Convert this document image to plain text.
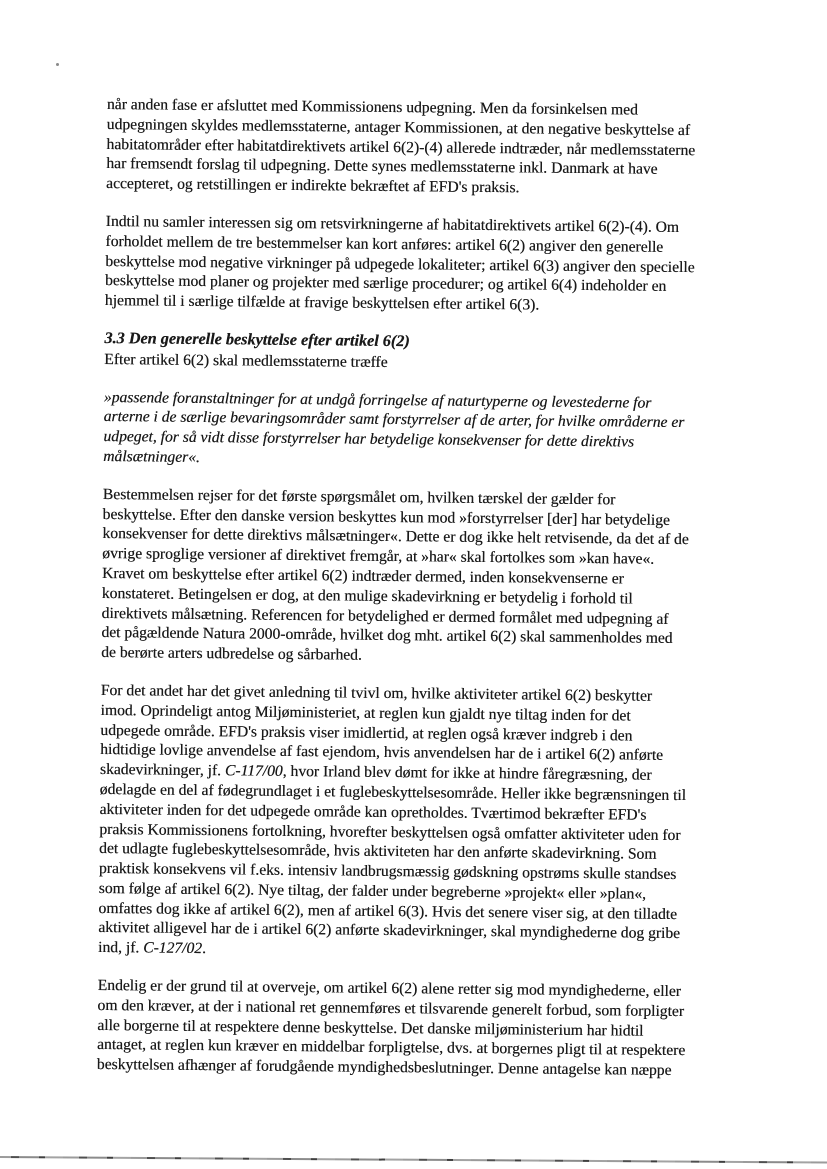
når anden fase er afsluttet med Kommissionens udpegning. Men da forsinkelsen med
udpegningen skyldes medlemsstaterne, antager Kommissionen, at den negative beskyttelse af
habitatområder efter habitatdirektivets artikel 6(2)-(4) allerede indtræder, når medlemsstaterne
har fremsendt forslag til udpegning. Dette synes medlemsstaterne inkl. Danmark at have
accepteret, og retstillingen er indirekte bekræftet af EFD's praksis.
Indtil nu samler interessen sig om retsvirkningerne af habitatdirektivets artikel 6(2)-(4). Om
forholdet mellem de tre bestemmelser kan kort anføres: artikel 6(2) angiver den generelle
beskyttelse mod negative virkninger på udpegede lokaliteter; artikel 6(3) angiver den specielle
beskyttelse mod planer og projekter med særlige procedurer; og artikel 6(4) indeholder en
hjemmel til i særlige tilfælde at fravige beskyttelsen efter artikel 6(3).
3.3 Den generelle beskyttelse efter artikel 6(2)
Efter artikel 6(2) skal medlemsstaterne træffe
»passende foranstaltninger for at undgå forringelse af naturtyperne og levestederne for
arterne i de særlige bevaringsområder samt forstyrrelser af de arter, for hvilke områderne er
udpeget, for så vidt disse forstyrrelser har betydelige konsekvenser for dette direktivs
målsætninger«.
Bestemmelsen rejser for det første spørgsmålet om, hvilken tærskel der gælder for
beskyttelse. Efter den danske version beskyttes kun mod »forstyrrelser [der] har betydelige
konsekvenser for dette direktivs målsætninger«. Dette er dog ikke helt retvisende, da det af de
øvrige sproglige versioner af direktivet fremgår, at »har« skal fortolkes som »kan have«.
Kravet om beskyttelse efter artikel 6(2) indtræder dermed, inden konsekvenserne er
konstateret. Betingelsen er dog, at den mulige skadevirkning er betydelig i forhold til
direktivets målsætning. Referencen for betydelighed er dermed formålet med udpegning af
det pågældende Natura 2000-område, hvilket dog mht. artikel 6(2) skal sammenholdes med
de berørte arters udbredelse og sårbarhed.
For det andet har det givet anledning til tvivl om, hvilke aktiviteter artikel 6(2) beskytter
imod. Oprindeligt antog Miljøministeriet, at reglen kun gjaldt nye tiltag inden for det
udpegede område. EFD's praksis viser imidlertid, at reglen også kræver indgreb i den
hidtidige lovlige anvendelse af fast ejendom, hvis anvendelsen har de i artikel 6(2) anførte
skadevirkninger, jf. C-117/00, hvor Irland blev dømt for ikke at hindre fåregræsning, der
ødelagde en del af fødegrundlaget i et fuglebeskyttelsesområde. Heller ikke begrænsningen til
aktiviteter inden for det udpegede område kan opretholdes. Tværtimod bekræfter EFD's
praksis Kommissionens fortolkning, hvorefter beskyttelsen også omfatter aktiviteter uden for
det udlagte fuglebeskyttelsesområde, hvis aktiviteten har den anførte skadevirkning. Som
praktisk konsekvens vil f.eks. intensiv landbrugsmæssig gødskning opstrøms skulle standses
som følge af artikel 6(2). Nye tiltag, der falder under begreberne »projekt« eller »plan«,
omfattes dog ikke af artikel 6(2), men af artikel 6(3). Hvis det senere viser sig, at den tilladte
aktivitet alligevel har de i artikel 6(2) anførte skadevirkninger, skal myndighederne dog gribe
ind, jf. C-127/02.
Endelig er der grund til at overveje, om artikel 6(2) alene retter sig mod myndighederne, eller
om den kræver, at der i national ret gennemføres et tilsvarende generelt forbud, som forpligter
alle borgerne til at respektere denne beskyttelse. Det danske miljøministerium har hidtil
antaget, at reglen kun kræver en middelbar forpligtelse, dvs. at borgernes pligt til at respektere
beskyttelsen afhænger af forudgående myndighedsbeslutninger. Denne antagelse kan næppe
